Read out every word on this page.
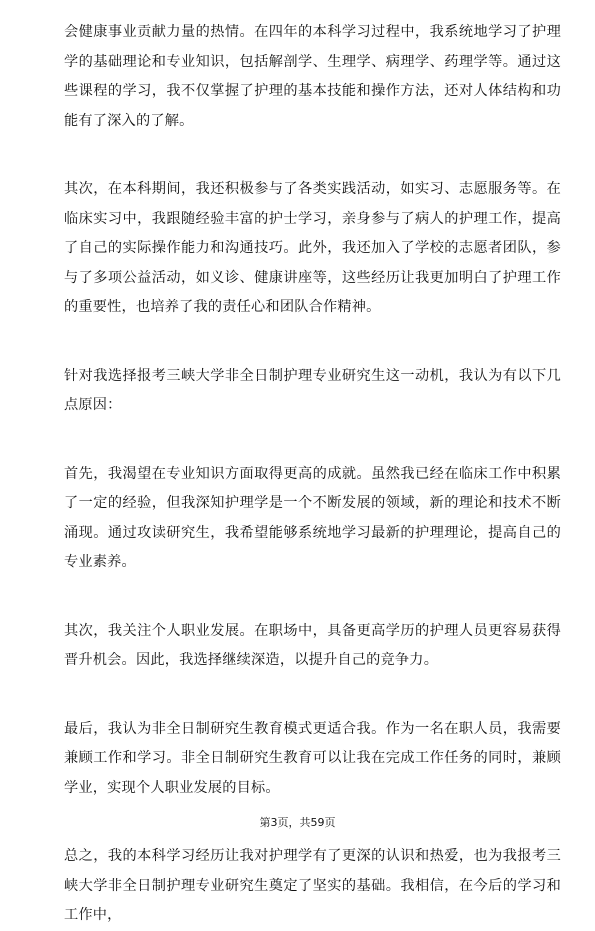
会健康事业贡献力量的热情。在四年的本科学习过程中，我系统地学习了护理学的基础理论和专业知识，包括解剖学、生理学、病理学、药理学等。通过这些课程的学习，我不仅掌握了护理的基本技能和操作方法，还对人体结构和功能有了深入的了解。

其次，在本科期间，我还积极参与了各类实践活动，如实习、志愿服务等。在临床实习中，我跟随经验丰富的护士学习，亲身参与了病人的护理工作，提高了自己的实际操作能力和沟通技巧。此外，我还加入了学校的志愿者团队，参与了多项公益活动，如义诊、健康讲座等，这些经历让我更加明白了护理工作的重要性，也培养了我的责任心和团队合作精神。

针对我选择报考三峡大学非全日制护理专业研究生这一动机，我认为有以下几点原因：

首先，我渴望在专业知识方面取得更高的成就。虽然我已经在临床工作中积累了一定的经验，但我深知护理学是一个不断发展的领域，新的理论和技术不断涌现。通过攻读研究生，我希望能够系统地学习最新的护理理论，提高自己的专业素养。

其次，我关注个人职业发展。在职场中，具备更高学历的护理人员更容易获得晋升机会。因此，我选择继续深造，以提升自己的竞争力。

最后，我认为非全日制研究生教育模式更适合我。作为一名在职人员，我需要兼顾工作和学习。非全日制研究生教育可以让我在完成工作任务的同时，兼顾学业，实现个人职业发展的目标。

总之，我的本科学习经历让我对护理学有了更深的认识和热爱，也为我报考三峡大学非全日制护理专业研究生奠定了坚实的基础。我相信，在今后的学习和工作中，

第3页，共59页
